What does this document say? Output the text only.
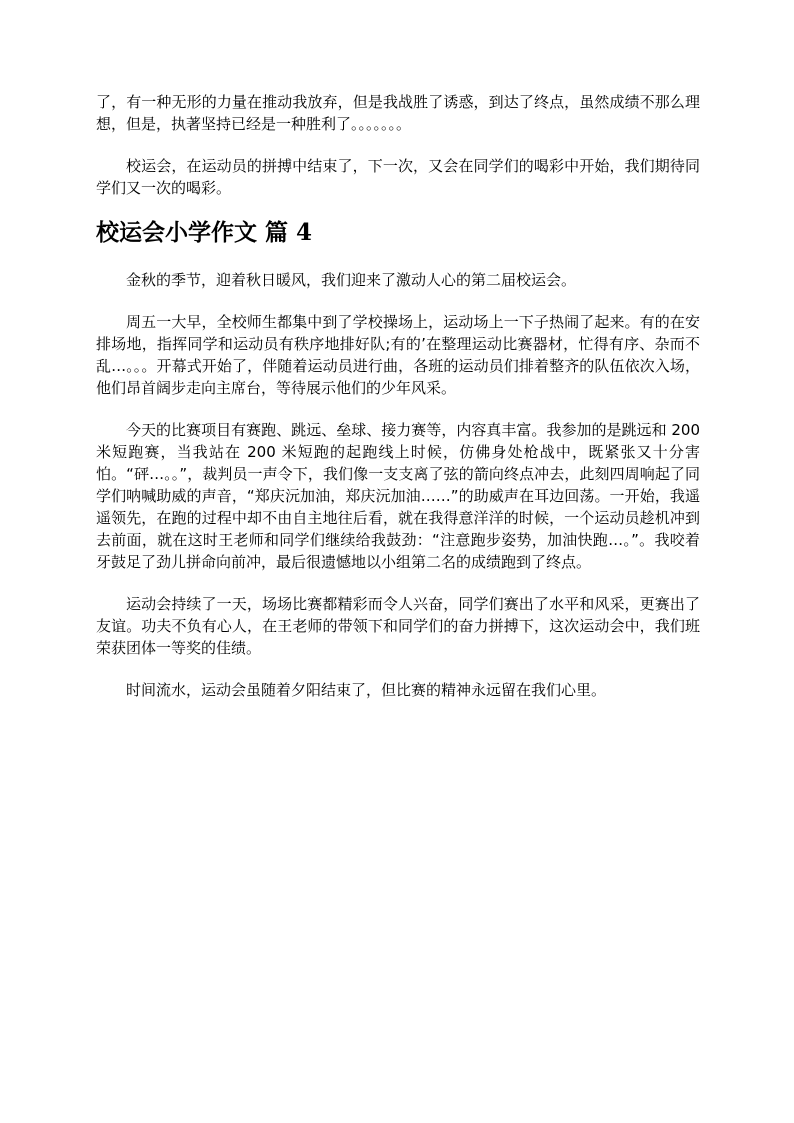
了，有一种无形的力量在推动我放弃，但是我战胜了诱惑，到达了终点，虽然成绩不那么理想，但是，执著坚持已经是一种胜利了。。。。。。。

校运会，在运动员的拼搏中结束了，下一次，又会在同学们的喝彩中开始，我们期待同学们又一次的喝彩。

校运会小学作文 篇 4

金秋的季节，迎着秋日暖风，我们迎来了激动人心的第二届校运会。

周五一大早，全校师生都集中到了学校操场上，运动场上一下子热闹了起来。有的在安排场地，指挥同学和运动员有秩序地排好队;有的’在整理运动比赛器材，忙得有序、杂而不乱…。。。开幕式开始了，伴随着运动员进行曲，各班的运动员们排着整齐的队伍依次入场，他们昂首阔步走向主席台，等待展示他们的少年风采。

今天的比赛项目有赛跑、跳远、垒球、接力赛等，内容真丰富。我参加的是跳远和 200 米短跑赛，当我站在 200 米短跑的起跑线上时候，仿佛身处枪战中，既紧张又十分害怕。“砰…。。”，裁判员一声令下，我们像一支支离了弦的箭向终点冲去，此刻四周响起了同学们呐喊助威的声音，“郑庆沅加油，郑庆沅加油……”的助威声在耳边回荡。一开始，我遥遥领先，在跑的过程中却不由自主地往后看，就在我得意洋洋的时候，一个运动员趁机冲到去前面，就在这时王老师和同学们继续给我鼓劲：“注意跑步姿势，加油快跑…。”。我咬着牙鼓足了劲儿拼命向前冲，最后很遗憾地以小组第二名的成绩跑到了终点。

运动会持续了一天，场场比赛都精彩而令人兴奋，同学们赛出了水平和风采，更赛出了友谊。功夫不负有心人，在王老师的带领下和同学们的奋力拼搏下，这次运动会中，我们班荣获团体一等奖的佳绩。

时间流水，运动会虽随着夕阳结束了，但比赛的精神永远留在我们心里。
